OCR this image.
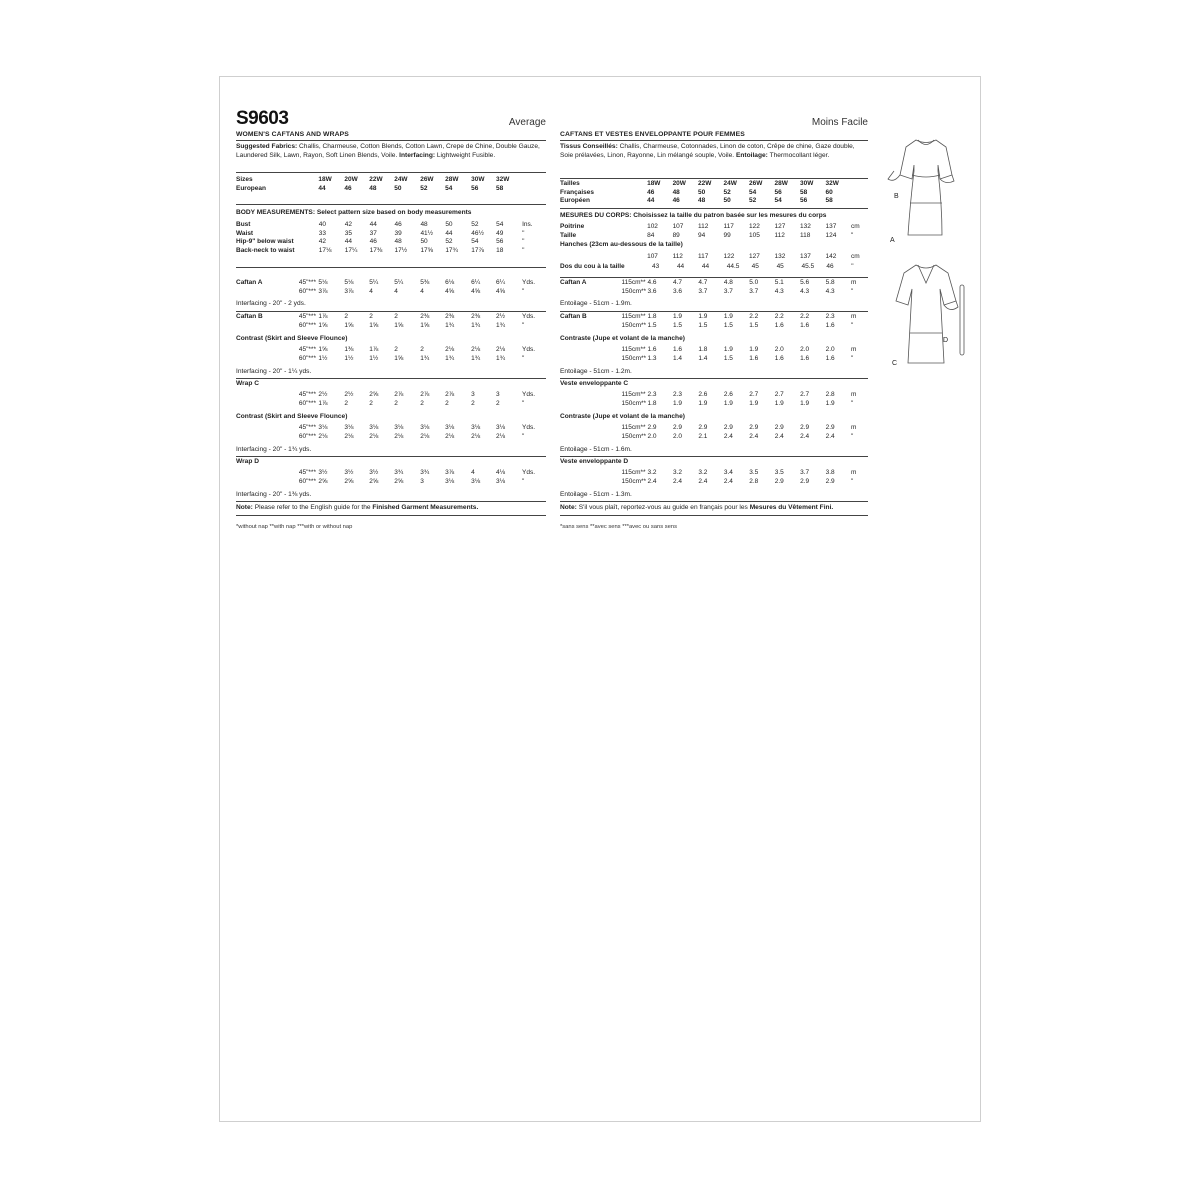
S9603	Average
WOMEN'S CAFTANS AND WRAPS
Suggested Fabrics: Challis, Charmeuse, Cotton Blends, Cotton Lawn, Crepe de Chine, Double Gauze, Laundered Silk, Lawn, Rayon, Soft Linen Blends, Voile. Interfacing: Lightweight Fusible.
Sizes		18W	20W	22W	24W	26W	28W	30W	32W	
European		44	46	48	50	52	54	56	58	
BODY MEASUREMENTS: Select pattern size based on body measurements
Bust		40	42	44	46	48	50	52	54	Ins.
Waist		33	35	37	39	41½	44	46½	49	"
Hip-9" below waist		42	44	46	48	50	52	54	56	"
Back-neck to waist		17⅛	17¼	17⅜	17½	17⅝	17¾	17⅞	18	"
Caftan A	45"***	5⅛	5⅛	5¼	5¼	5⅜	6⅛	6¼	6¼	Yds.
	60"***	3⅞	3⅞	4	4	4	4⅝	4⅝	4⅝	"
Interfacing - 20" - 2 yds.
Caftan B	45"***	1⅞	2	2	2	2⅜	2⅜	2⅜	2½	Yds.
	60"***	1⅝	1⅝	1⅝	1⅝	1⅝	1¾	1¾	1¾	"
Contrast (Skirt and Sleeve Flounce)
	45"***	1⅝	1⅜	1⅞	2	2	2⅛	2⅛	2⅛	Yds.
	60"***	1½	1½	1½	1⅝	1¾	1¾	1¾	1¾	"
Interfacing - 20" - 1¼ yds.
Wrap C
	45"***	2½	2½	2⅝	2⅞	2⅞	2⅞	3	3	Yds.
	60"***	1⅞	2	2	2	2	2	2	2	"
Contrast (Skirt and Sleeve Flounce)
	45"***	3⅛	3⅛	3⅛	3⅛	3⅛	3⅛	3⅛	3⅛	Yds.
	60"***	2⅛	2⅛	2⅛	2⅛	2⅛	2⅛	2⅛	2⅛	"
Interfacing - 20" - 1¾ yds.
Wrap D
	45"***	3½	3½	3½	3¾	3¾	3⅞	4	4⅛	Yds.
	60"***	2⅝	2⅝	2⅝	2⅝	3	3⅛	3⅛	3⅛	"
Interfacing - 20" - 1⅜ yds.
Note: Please refer to the English guide for the Finished Garment Measurements.
*without nap **with nap ***with or without nap
Moins Facile
CAFTANS ET VESTES ENVELOPPANTE POUR FEMMES
Tissus Conseillés: Challis, Charmeuse, Cotonnades, Linon de coton, Crêpe de chine, Gaze double, Soie prélavées, Linon, Rayonne, Lin mélangé souple, Voile. Entoilage: Thermocollant léger.
Tailles		18W	20W	22W	24W	26W	28W	30W	32W	
Françaises		46	48	50	52	54	56	58	60	
Européen		44	46	48	50	52	54	56	58	
MESURES DU CORPS: Choisissez la taille du patron basée sur les mesures du corps
Poitrine		102	107	112	117	122	127	132	137	cm
Taille		84	89	94	99	105	112	118	124	"
Hanches (23cm au-dessous de la taille)
		107	112	117	122	127	132	137	142	cm
Dos du cou à la taille		43	44	44	44.5	45	45	45.5	46	"
Caftan A	115cm**	4.6	4.7	4.7	4.8	5.0	5.1	5.6	5.8	m
	150cm**	3.6	3.6	3.7	3.7	3.7	4.3	4.3	4.3	"
Entoilage - 51cm - 1.9m.
Caftan B	115cm**	1.8	1.9	1.9	1.9	2.2	2.2	2.2	2.3	m
	150cm**	1.5	1.5	1.5	1.5	1.5	1.6	1.6	1.6	"
Contraste (Jupe et volant de la manche)
	115cm**	1.6	1.6	1.8	1.9	1.9	2.0	2.0	2.0	m
	150cm**	1.3	1.4	1.4	1.5	1.6	1.6	1.6	1.6	"
Entoilage - 51cm - 1.2m.
Veste enveloppante C
	115cm**	2.3	2.3	2.6	2.6	2.7	2.7	2.7	2.8	m
	150cm**	1.8	1.9	1.9	1.9	1.9	1.9	1.9	1.9	"
Contraste (Jupe et volant de la manche)
	115cm**	2.9	2.9	2.9	2.9	2.9	2.9	2.9	2.9	m
	150cm**	2.0	2.0	2.1	2.4	2.4	2.4	2.4	2.4	"
Entoilage - 51cm - 1.6m.
Veste enveloppante D
	115cm**	3.2	3.2	3.2	3.4	3.5	3.5	3.7	3.8	m
	150cm**	2.4	2.4	2.4	2.4	2.8	2.9	2.9	2.9	"
Entoilage - 51cm - 1.3m.
Note: S'il vous plaît, reportez-vous au guide en français pour les Mesures du Vêtement Fini.
*sans sens **avec sens ***avec ou sans sens
B
A
C
D
